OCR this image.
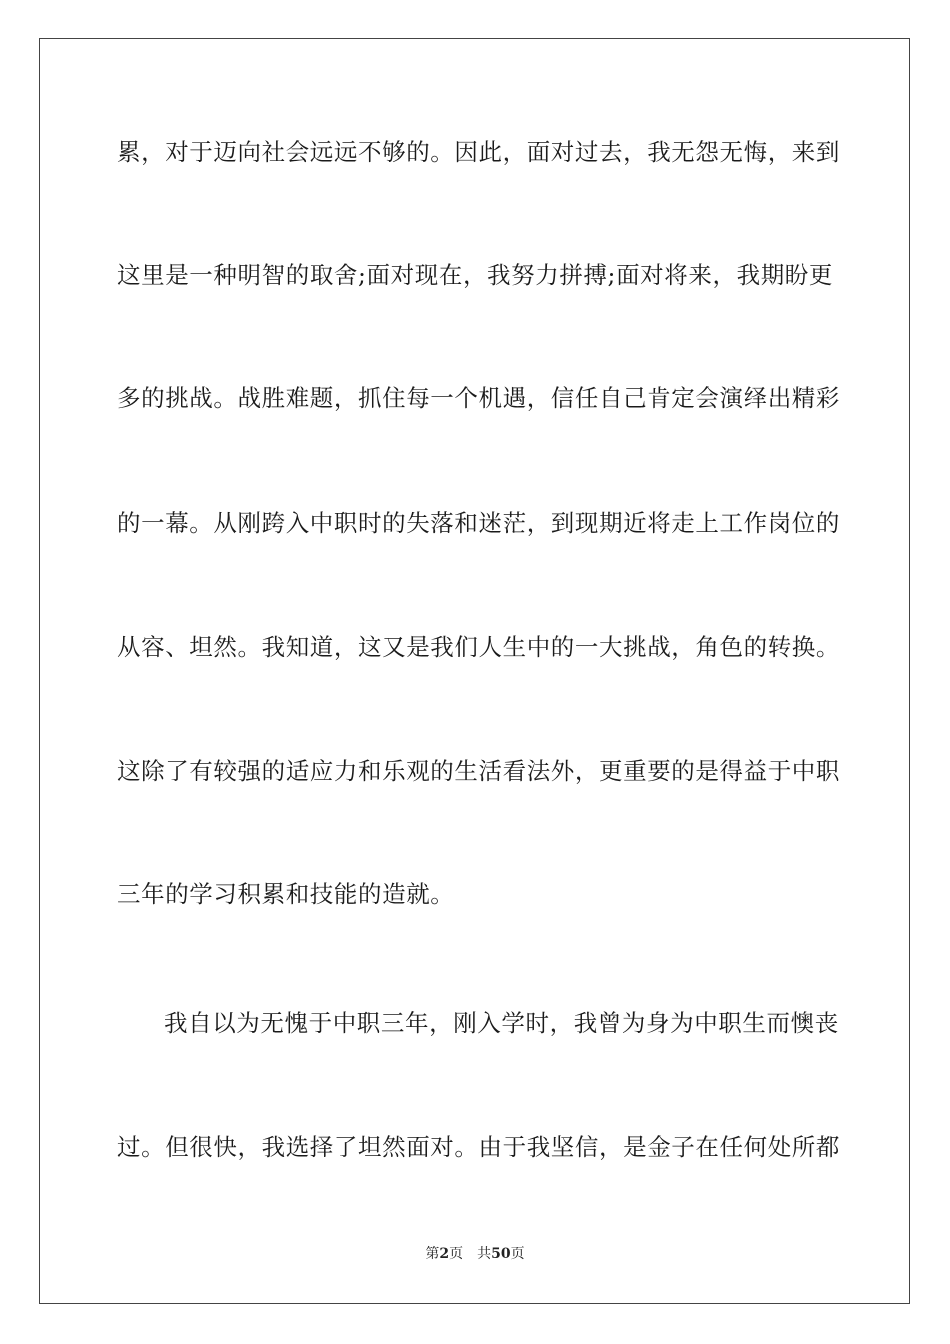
累，对于迈向社会远远不够的。因此，面对过去，我无怨无悔，来到
这里是一种明智的取舍;面对现在，我努力拼搏;面对将来，我期盼更
多的挑战。战胜难题，抓住每一个机遇，信任自己肯定会演绎出精彩
的一幕。从刚跨入中职时的失落和迷茫，到现期近将走上工作岗位的
从容、坦然。我知道，这又是我们人生中的一大挑战，角色的转换。
这除了有较强的适应力和乐观的生活看法外，更重要的是得益于中职
三年的学习积累和技能的造就。
我自以为无愧于中职三年，刚入学时，我曾为身为中职生而懊丧
过。但很快，我选择了坦然面对。由于我坚信，是金子在任何处所都
第2页 共50页
